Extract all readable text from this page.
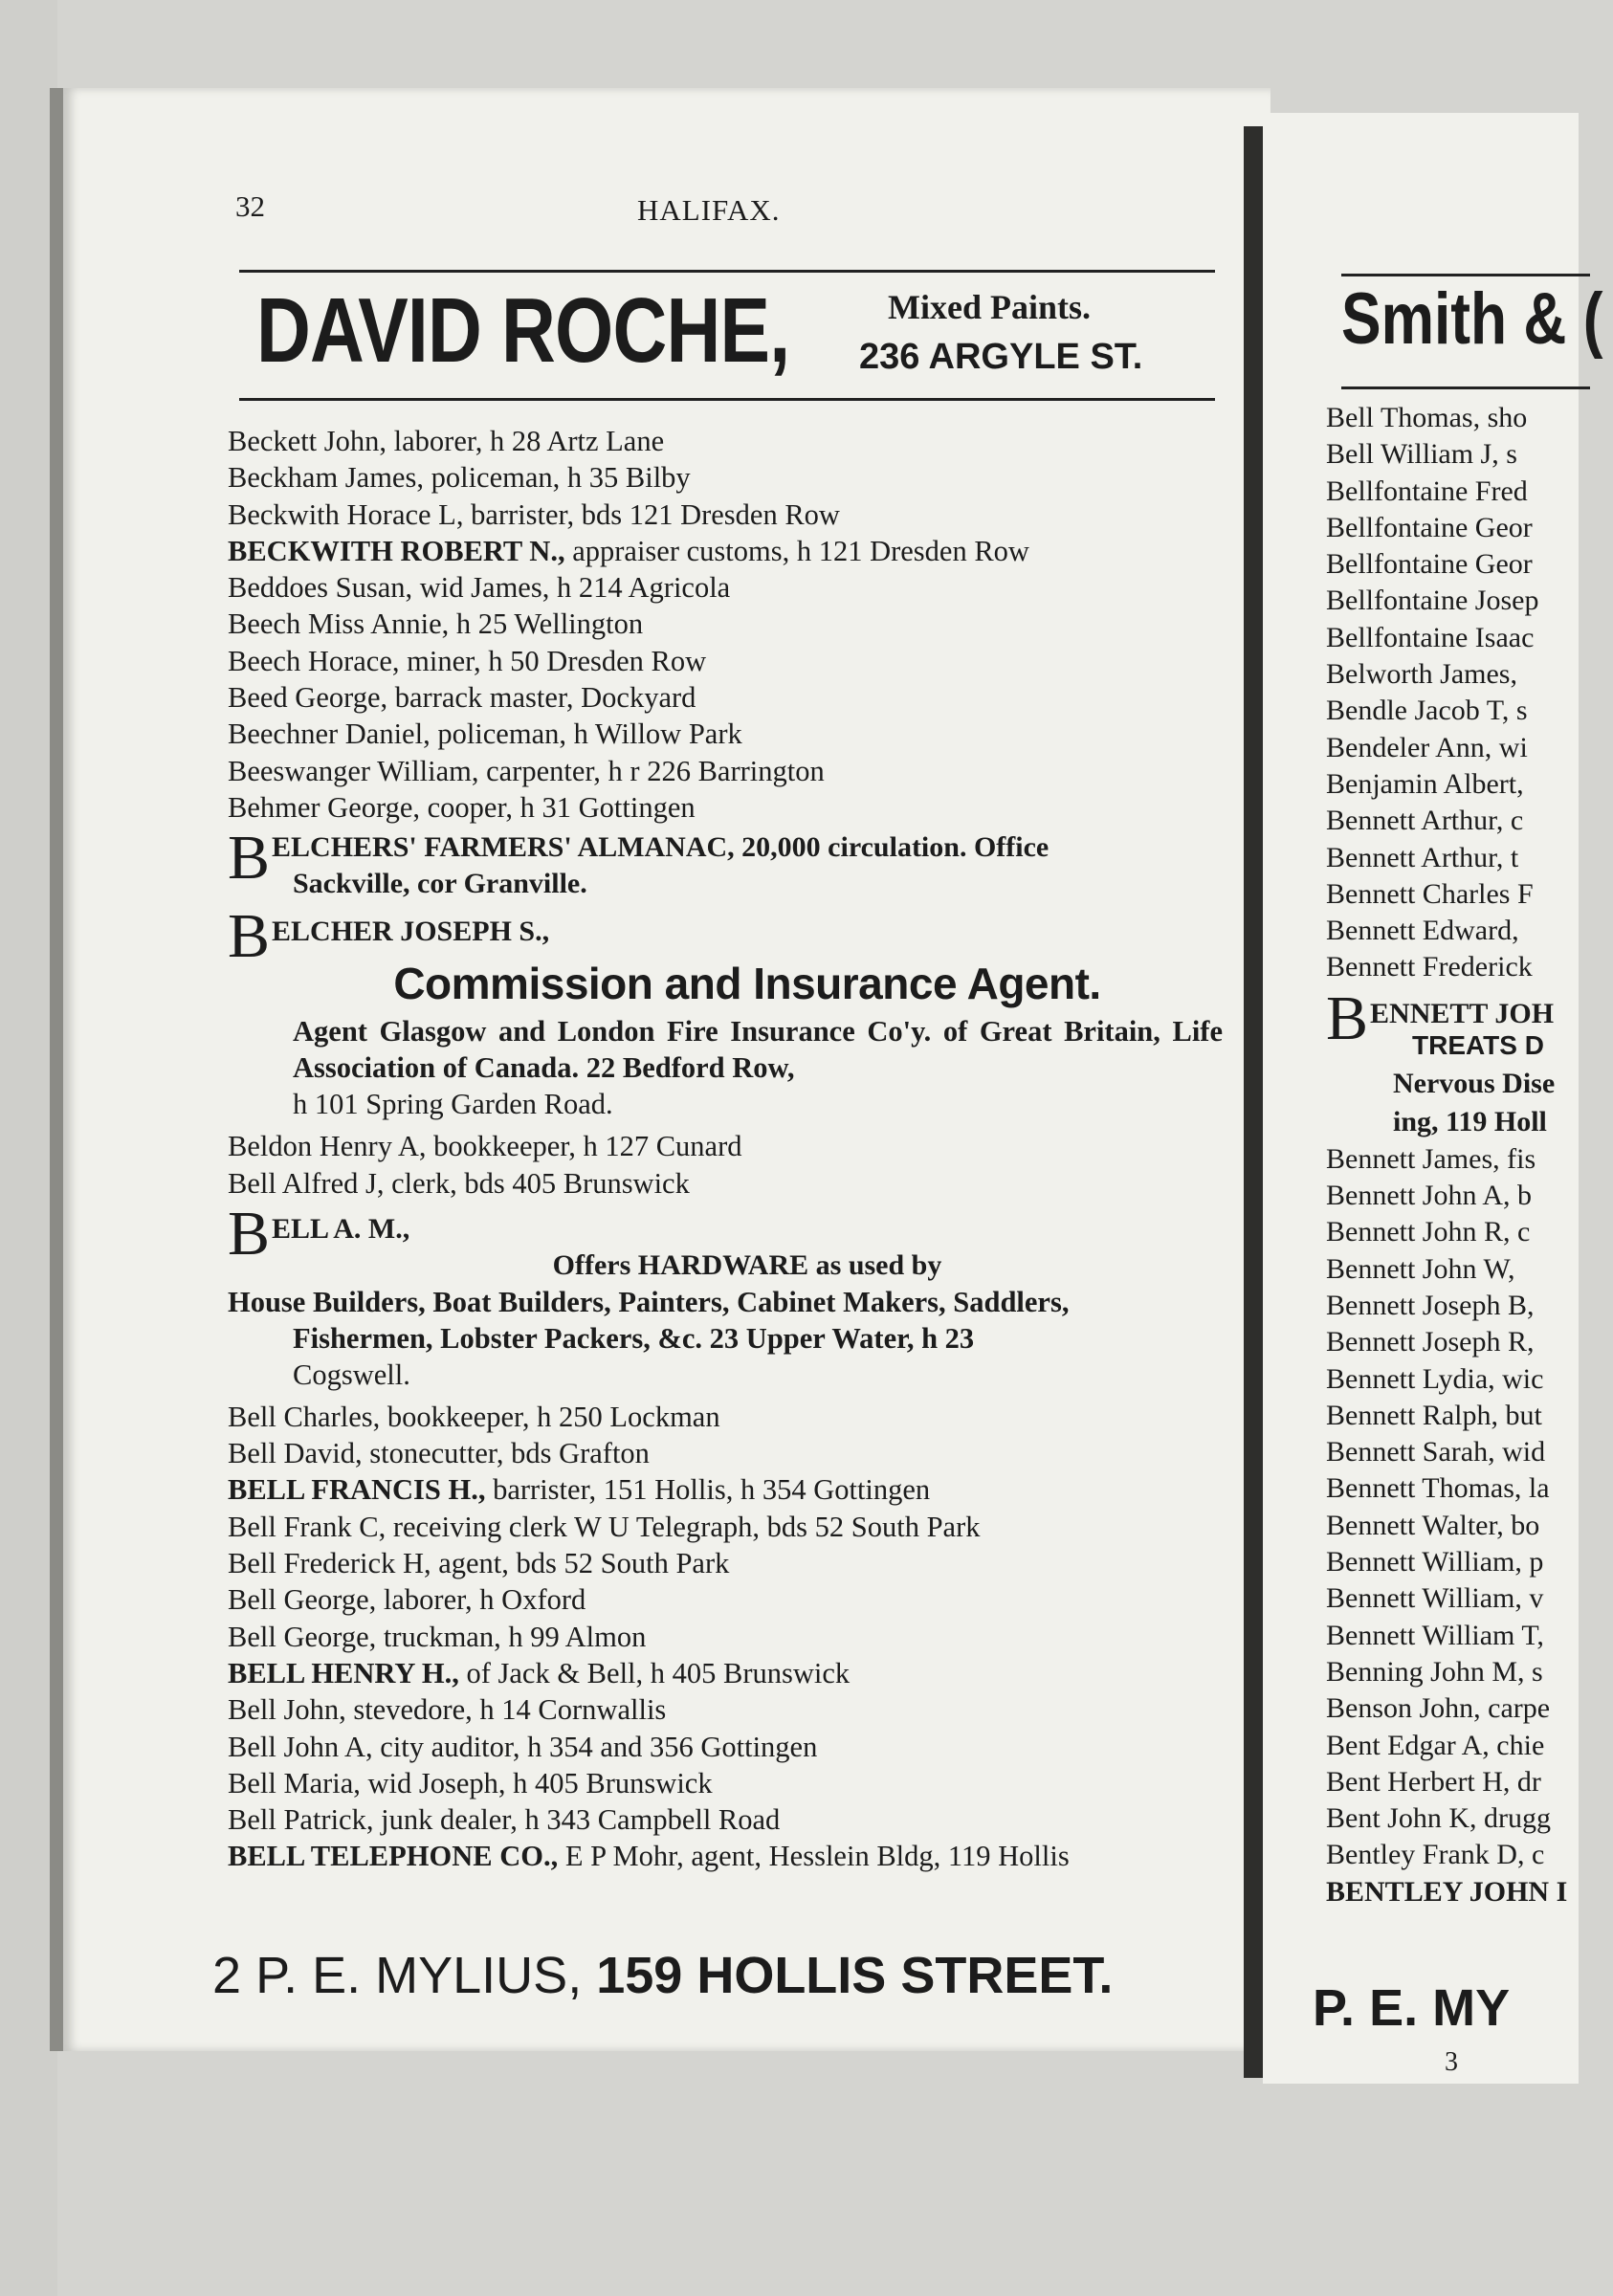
32	HALIFAX.
DAVID ROCHE,	Mixed Paints.
236 ARGYLE ST.
Beckett John, laborer, h 28 Artz Lane
Beckham James, policeman, h 35 Bilby
Beckwith Horace L, barrister, bds 121 Dresden Row
BECKWITH ROBERT N., appraiser customs, h 121 Dresden Row
Beddoes Susan, wid James, h 214 Agricola
Beech Miss Annie, h 25 Wellington
Beech Horace, miner, h 50 Dresden Row
Beed George, barrack master, Dockyard
Beechner Daniel, policeman, h Willow Park
Beeswanger William, carpenter, h r 226 Barrington
Behmer George, cooper, h 31 Gottingen
B ELCHERS' FARMERS' ALMANAC, 20,000 circulation. Office
Sackville, cor Granville.
B ELCHER JOSEPH S.,
Commission and Insurance Agent.
Agent Glasgow and London Fire Insurance Co'y. of Great Britain, Life Association of Canada. 22 Bedford Row,
h 101 Spring Garden Road.
Beldon Henry A, bookkeeper, h 127 Cunard
Bell Alfred J, clerk, bds 405 Brunswick
B ELL A. M.,
Offers HARDWARE as used by
House Builders, Boat Builders, Painters, Cabinet Makers, Saddlers,
Fishermen, Lobster Packers, &c. 23 Upper Water, h 23
Cogswell.
Bell Charles, bookkeeper, h 250 Lockman
Bell David, stonecutter, bds Grafton
BELL FRANCIS H., barrister, 151 Hollis, h 354 Gottingen
Bell Frank C, receiving clerk W U Telegraph, bds 52 South Park
Bell Frederick H, agent, bds 52 South Park
Bell George, laborer, h Oxford
Bell George, truckman, h 99 Almon
BELL HENRY H., of Jack & Bell, h 405 Brunswick
Bell John, stevedore, h 14 Cornwallis
Bell John A, city auditor, h 354 and 356 Gottingen
Bell Maria, wid Joseph, h 405 Brunswick
Bell Patrick, junk dealer, h 343 Campbell Road
BELL TELEPHONE CO., E P Mohr, agent, Hesslein Bldg, 119 Hollis
2 P. E. MYLIUS, 159 HOLLIS STREET.
Smith & (
Bell Thomas, sho
Bell William J, s
Bellfontaine Fred
Bellfontaine Geor
Bellfontaine Geor
Bellfontaine Josep
Bellfontaine Isaac
Belworth James,
Bendle Jacob T, s
Bendeler Ann, wi
Benjamin Albert,
Bennett Arthur, c
Bennett Arthur, t
Bennett Charles F
Bennett Edward,
Bennett Frederick
B ENNETT JOH
TREATS D
Nervous Dise
ing, 119 Holl
Bennett James, fis
Bennett John A, b
Bennett John R, c
Bennett John W,
Bennett Joseph B,
Bennett Joseph R,
Bennett Lydia, wic
Bennett Ralph, but
Bennett Sarah, wid
Bennett Thomas, la
Bennett Walter, bo
Bennett William, p
Bennett William, v
Bennett William T,
Benning John M, s
Benson John, carpe
Bent Edgar A, chie
Bent Herbert H, dr
Bent John K, drugg
Bentley Frank D, c
BENTLEY JOHN I
P. E. MY
3
